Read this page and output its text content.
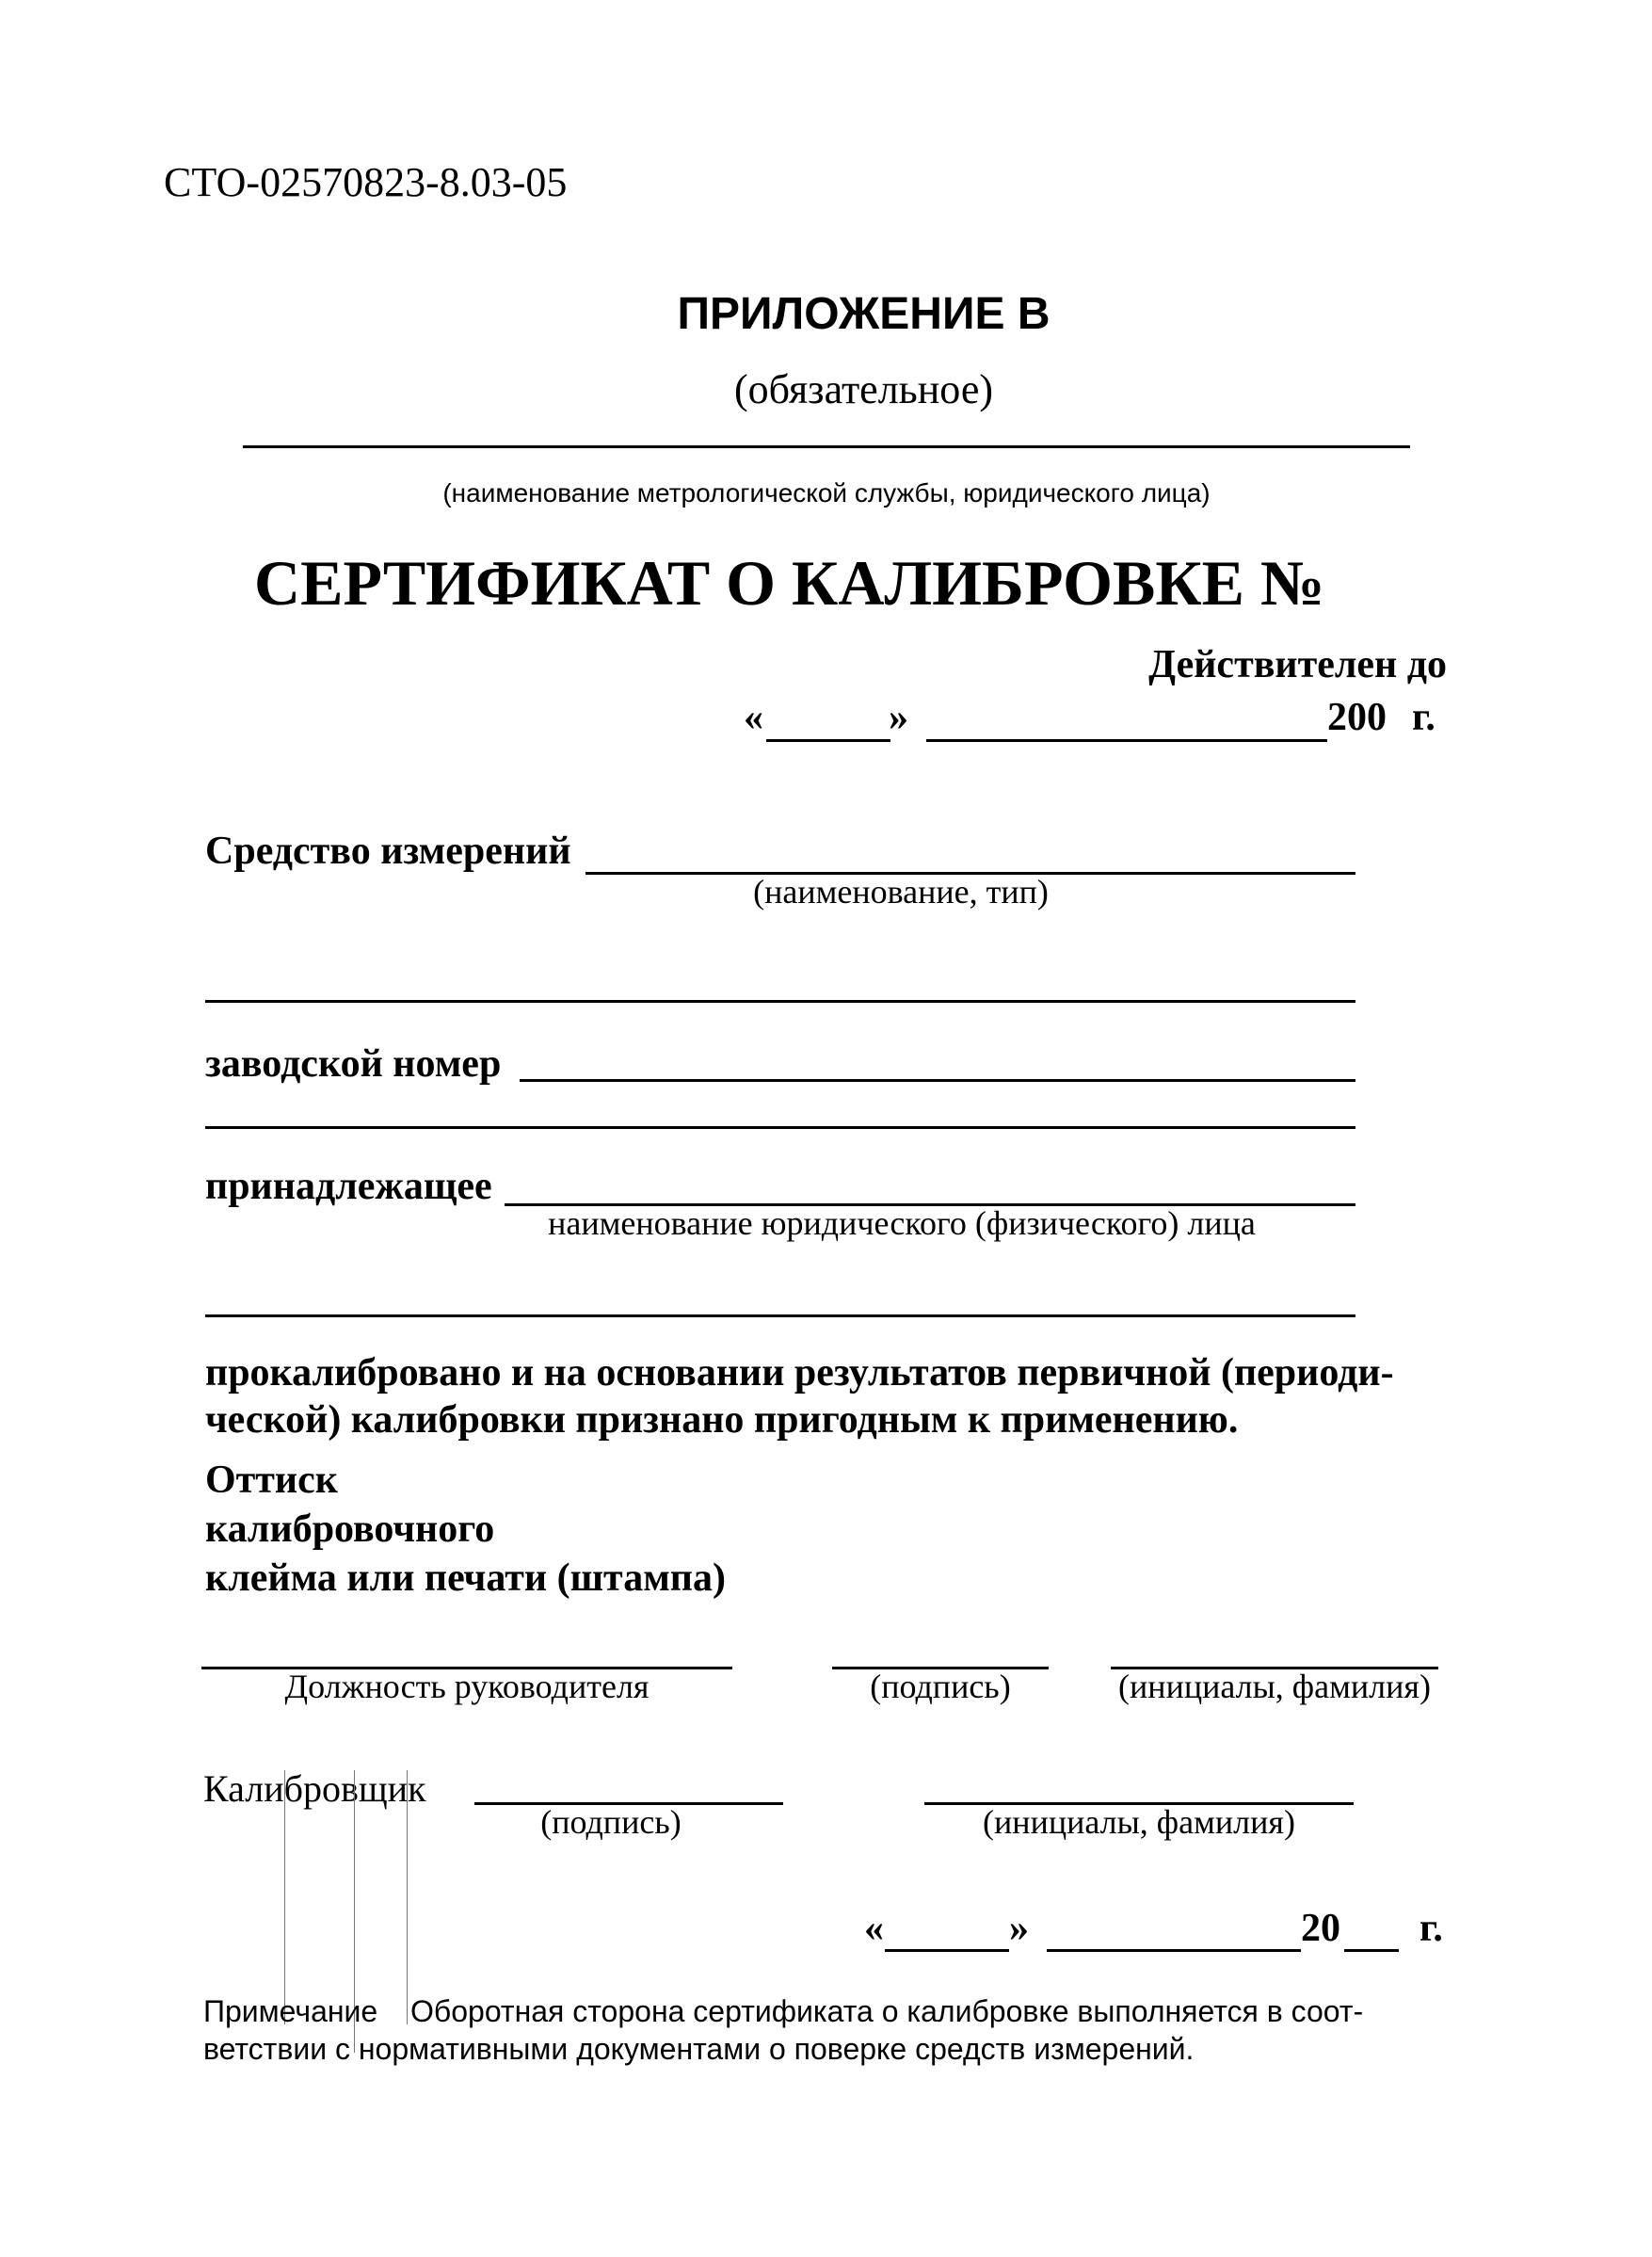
СТО-02570823-8.03-05
ПРИЛОЖЕНИЕ В
(обязательное)
(наименование метрологической службы, юридического лица)
СЕРТИФИКАТ О КАЛИБРОВКЕ №
Действителен до
«	»	200 г.
Средство измерений
(наименование, тип)
заводской номер
принадлежащее
наименование юридического (физического) лица
прокалибровано и на основании результатов первичной (периоди-
ческой) калибровки признано пригодным к применению.
Оттиск
калибровочного
клейма или печати (штампа)
Должность руководителя	(подпись)	(инициалы, фамилия)
Калибровщик
(подпись)	(инициалы, фамилия)
«	»	20 г.
Примечание Оборотная сторона сертификата о калибровке выполняется в соот-
ветствии с нормативными документами о поверке средств измерений.
